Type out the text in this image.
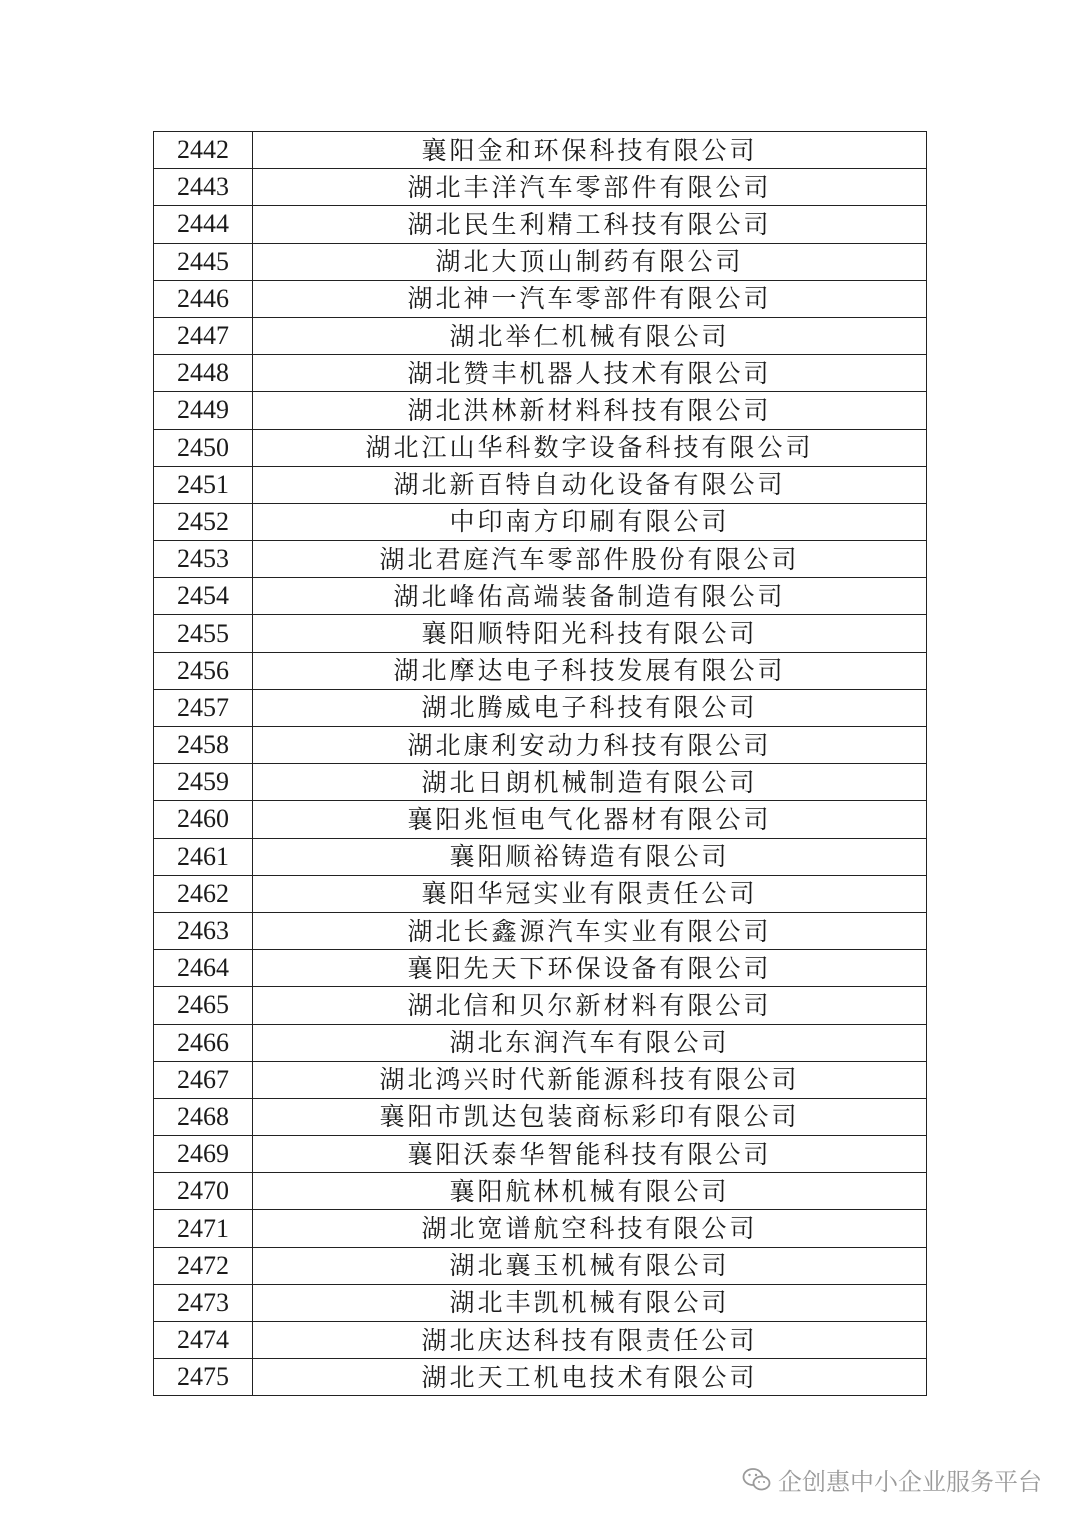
2442	襄阳金和环保科技有限公司
2443	湖北丰洋汽车零部件有限公司
2444	湖北民生利精工科技有限公司
2445	湖北大顶山制药有限公司
2446	湖北神一汽车零部件有限公司
2447	湖北举仁机械有限公司
2448	湖北赞丰机器人技术有限公司
2449	湖北洪林新材料科技有限公司
2450	湖北江山华科数字设备科技有限公司
2451	湖北新百特自动化设备有限公司
2452	中印南方印刷有限公司
2453	湖北君庭汽车零部件股份有限公司
2454	湖北峰佑高端装备制造有限公司
2455	襄阳顺特阳光科技有限公司
2456	湖北摩达电子科技发展有限公司
2457	湖北腾威电子科技有限公司
2458	湖北康利安动力科技有限公司
2459	湖北日朗机械制造有限公司
2460	襄阳兆恒电气化器材有限公司
2461	襄阳顺裕铸造有限公司
2462	襄阳华冠实业有限责任公司
2463	湖北长鑫源汽车实业有限公司
2464	襄阳先天下环保设备有限公司
2465	湖北信和贝尔新材料有限公司
2466	湖北东润汽车有限公司
2467	湖北鸿兴时代新能源科技有限公司
2468	襄阳市凯达包装商标彩印有限公司
2469	襄阳沃泰华智能科技有限公司
2470	襄阳航林机械有限公司
2471	湖北宽谱航空科技有限公司
2472	湖北襄玉机械有限公司
2473	湖北丰凯机械有限公司
2474	湖北庆达科技有限责任公司
2475	湖北天工机电技术有限公司
企创惠中小企业服务平台
